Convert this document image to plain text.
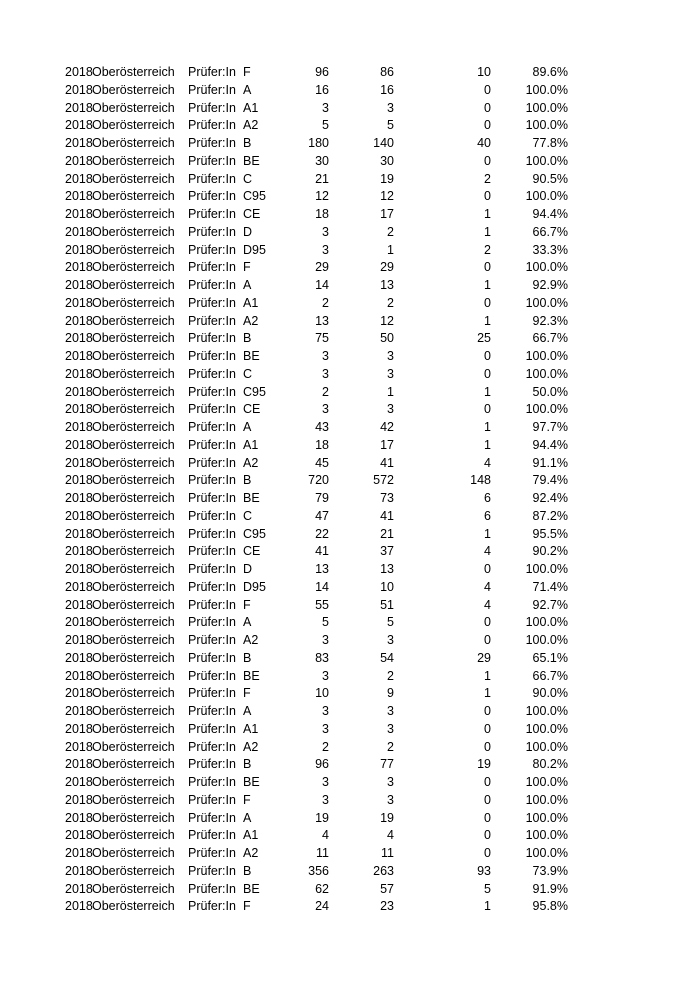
2018 Oberösterreich Prüfer:In F	96	86	10	89.6%
2018 Oberösterreich Prüfer:In A	16	16	0	100.0%
2018 Oberösterreich Prüfer:In A1	3	3	0	100.0%
2018 Oberösterreich Prüfer:In A2	5	5	0	100.0%
2018 Oberösterreich Prüfer:In B	180	140	40	77.8%
2018 Oberösterreich Prüfer:In BE	30	30	0	100.0%
2018 Oberösterreich Prüfer:In C	21	19	2	90.5%
2018 Oberösterreich Prüfer:In C95	12	12	0	100.0%
2018 Oberösterreich Prüfer:In CE	18	17	1	94.4%
2018 Oberösterreich Prüfer:In D	3	2	1	66.7%
2018 Oberösterreich Prüfer:In D95	3	1	2	33.3%
2018 Oberösterreich Prüfer:In F	29	29	0	100.0%
2018 Oberösterreich Prüfer:In A	14	13	1	92.9%
2018 Oberösterreich Prüfer:In A1	2	2	0	100.0%
2018 Oberösterreich Prüfer:In A2	13	12	1	92.3%
2018 Oberösterreich Prüfer:In B	75	50	25	66.7%
2018 Oberösterreich Prüfer:In BE	3	3	0	100.0%
2018 Oberösterreich Prüfer:In C	3	3	0	100.0%
2018 Oberösterreich Prüfer:In C95	2	1	1	50.0%
2018 Oberösterreich Prüfer:In CE	3	3	0	100.0%
2018 Oberösterreich Prüfer:In A	43	42	1	97.7%
2018 Oberösterreich Prüfer:In A1	18	17	1	94.4%
2018 Oberösterreich Prüfer:In A2	45	41	4	91.1%
2018 Oberösterreich Prüfer:In B	720	572	148	79.4%
2018 Oberösterreich Prüfer:In BE	79	73	6	92.4%
2018 Oberösterreich Prüfer:In C	47	41	6	87.2%
2018 Oberösterreich Prüfer:In C95	22	21	1	95.5%
2018 Oberösterreich Prüfer:In CE	41	37	4	90.2%
2018 Oberösterreich Prüfer:In D	13	13	0	100.0%
2018 Oberösterreich Prüfer:In D95	14	10	4	71.4%
2018 Oberösterreich Prüfer:In F	55	51	4	92.7%
2018 Oberösterreich Prüfer:In A	5	5	0	100.0%
2018 Oberösterreich Prüfer:In A2	3	3	0	100.0%
2018 Oberösterreich Prüfer:In B	83	54	29	65.1%
2018 Oberösterreich Prüfer:In BE	3	2	1	66.7%
2018 Oberösterreich Prüfer:In F	10	9	1	90.0%
2018 Oberösterreich Prüfer:In A	3	3	0	100.0%
2018 Oberösterreich Prüfer:In A1	3	3	0	100.0%
2018 Oberösterreich Prüfer:In A2	2	2	0	100.0%
2018 Oberösterreich Prüfer:In B	96	77	19	80.2%
2018 Oberösterreich Prüfer:In BE	3	3	0	100.0%
2018 Oberösterreich Prüfer:In F	3	3	0	100.0%
2018 Oberösterreich Prüfer:In A	19	19	0	100.0%
2018 Oberösterreich Prüfer:In A1	4	4	0	100.0%
2018 Oberösterreich Prüfer:In A2	11	11	0	100.0%
2018 Oberösterreich Prüfer:In B	356	263	93	73.9%
2018 Oberösterreich Prüfer:In BE	62	57	5	91.9%
2018 Oberösterreich Prüfer:In F	24	23	1	95.8%
